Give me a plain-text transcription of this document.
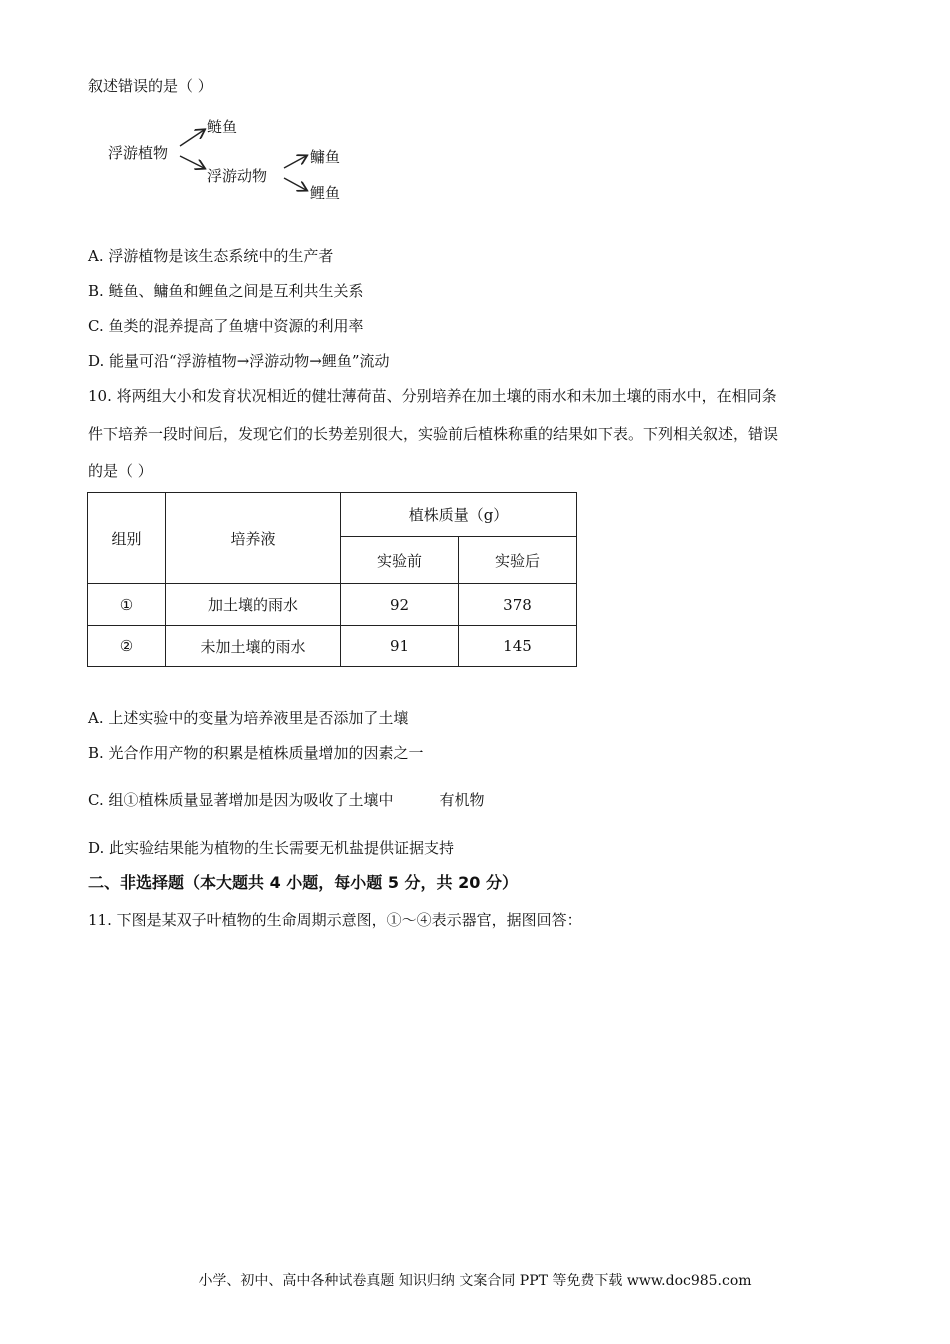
叙述错误的是（ ）
浮游植物
鲢鱼
浮游动物
鳙鱼
鲤鱼
A. 浮游植物是该生态系统中的生产者
B. 鲢鱼、鳙鱼和鲤鱼之间是互利共生关系
C. 鱼类的混养提高了鱼塘中资源的利用率
D. 能量可沿“浮游植物→浮游动物→鲤鱼”流动
10. 将两组大小和发育状况相近的健壮薄荷苗、分别培养在加土壤的雨水和未加土壤的雨水中，在相同条
件下培养一段时间后，发现它们的长势差别很大，实验前后植株称重的结果如下表。下列相关叙述，错误
的是（ ）
组别	培养液	植株质量（g）	
		实验前	实验后
①	加土壤的雨水	92	378
②	未加土壤的雨水	91	145
A. 上述实验中的变量为培养液里是否添加了土壤
B. 光合作用产物的积累是植株质量增加的因素之一
C. 组①植株质量显著增加是因为吸收了土壤中	有机物
D. 此实验结果能为植物的生长需要无机盐提供证据支持
二、非选择题（本大题共 4 小题，每小题 5 分，共 20 分）
11. 下图是某双子叶植物的生命周期示意图，①～④表示器官，据图回答：
小学、初中、高中各种试卷真题 知识归纳 文案合同 PPT 等免费下载 www.doc985.com
